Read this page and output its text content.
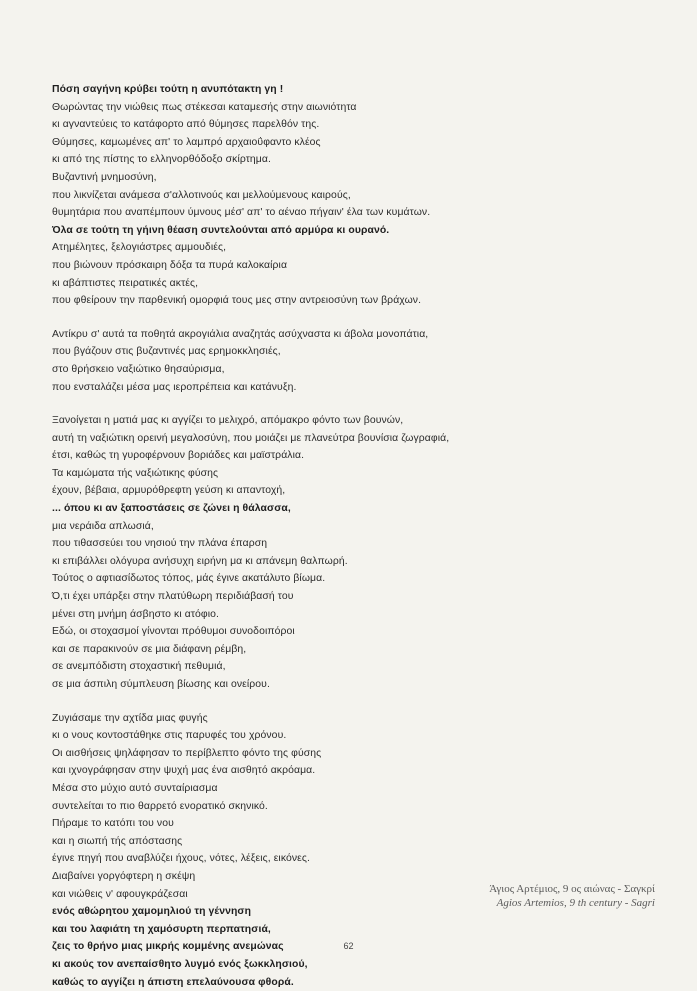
Πόση σαγήνη κρύβει τούτη η ανυπότακτη γη !
Θωρώντας την νιώθεις πως στέκεσαι καταμεσής στην αιωνιότητα
κι αγναντεύεις το κατάφορτο από θύμησες παρελθόν της.
Θύμησες, καμωμένες απ' το λαμπρό αρχαιοΰφαντο κλέος
κι από της πίστης το ελληνορθόδοξο σκίρτημα.
Βυζαντινή μνημοσύνη,
που λικνίζεται ανάμεσα σ'αλλοτινούς και μελλούμενους καιρούς,
θυμητάρια που αναπέμπουν ύμνους μέσ' απ' το αέναο πήγαιν' έλα των κυμάτων.
Όλα σε τούτη τη γήινη θέαση συντελούνται από αρμύρα κι ουρανό.
Ατημέλητες, ξελογιάστρες αμμουδιές,
που βιώνουν πρόσκαιρη δόξα τα πυρά καλοκαίρια
κι αβάπτιστες πειρατικές ακτές,
που φθείρουν την παρθενική ομορφιά τους μες στην αντρειοσύνη των βράχων.
Αντίκρυ σ' αυτά τα ποθητά ακρογιάλια αναζητάς ασύχναστα κι άβολα μονοπάτια,
που βγάζουν στις βυζαντινές μας ερημοκκλησιές,
στο θρήσκειο ναξιώτικο θησαύρισμα,
που ενσταλάζει μέσα μας ιεροπρέπεια και κατάνυξη.
Ξανοίγεται η ματιά μας κι αγγίζει το μελιχρό, απόμακρο φόντο των βουνών,
αυτή τη ναξιώτικη ορεινή μεγαλοσύνη, που μοιάζει με πλανεύτρα βουνίσια ζωγραφιά,
έτσι, καθώς τη γυροφέρνουν βοριάδες και μαϊστράλια.
Τα καμώματα τής ναξιώτικης φύσης
έχουν, βέβαια, αρμυρόθρεφτη γεύση κι απαντοχή,
... όπου κι αν ξαποστάσεις σε ζώνει η θάλασσα,
μια νεράιδα απλωσιά,
που τιθασσεύει του νησιού την πλάνα έπαρση
κι επιβάλλει ολόγυρα ανήσυχη ειρήνη μα κι απάνεμη θαλπωρή.
Τούτος ο αφτιασίδωτος τόπος, μάς έγινε ακατάλυτο βίωμα.
Ό,τι έχει υπάρξει στην πλατύθωρη περιδιάβασή του
μένει στη μνήμη άσβηστο κι ατόφιο.
Εδώ, οι στοχασμοί γίνονται πρόθυμοι συνοδοιπόροι
και σε παρακινούν σε μια διάφανη ρέμβη,
σε ανεμπόδιστη στοχαστική πεθυμιά,
σε μια άσπιλη σύμπλευση βίωσης και ονείρου.
Ζυγιάσαμε την αχτίδα μιας φυγής
κι ο νους κοντοστάθηκε στις παρυφές του χρόνου.
Οι αισθήσεις ψηλάφησαν το περίβλεπτο φόντο της φύσης
και ιχνογράφησαν στην ψυχή μας ένα αισθητό ακρόαμα.
Μέσα στο μύχιο αυτό συνταίριασμα
συντελείται το πιο θαρρετό ενορατικό σκηνικό.
Πήραμε το κατόπι του νου
και η σιωπή τής απόστασης
έγινε πηγή που αναβλύζει ήχους, νότες, λέξεις, εικόνες.
Διαβαίνει γοργόφτερη η σκέψη
και νιώθεις ν' αφουγκράζεσαι
ενός αθώρητου χαμομηλιού τη γέννηση
και του λαφιάτη τη χαμόσυρτη περπατησιά,
ζεις το θρήνο μιας μικρής κομμένης ανεμώνας
κι ακούς τον ανεπαίσθητο λυγμό ενός ξωκκλησιού,
καθώς το αγγίζει η άπιστη επελαύνουσα φθορά.
Άγιος Αρτέμιος, 9 ος αιώνας - Σαγκρί
Agios Artemios, 9 th century - Sagri
62
